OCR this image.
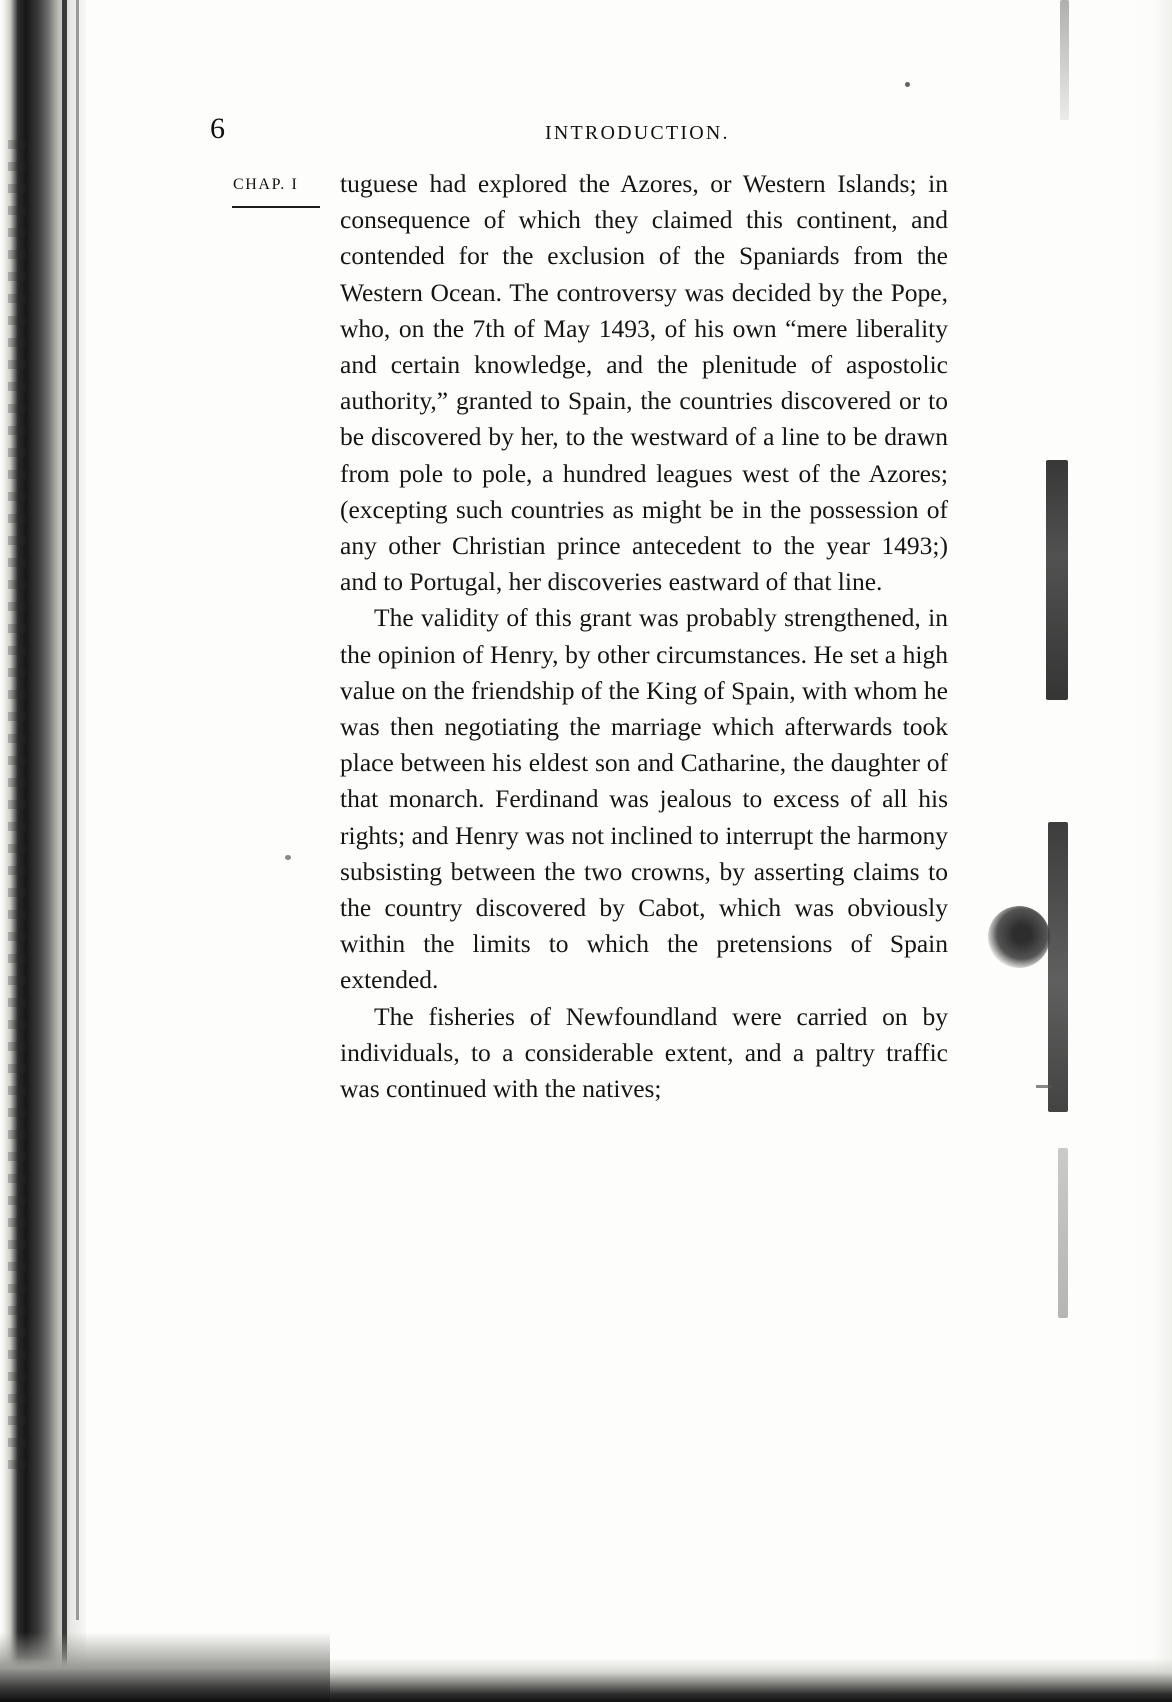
6	INTRODUCTION.
CHAP. I	tuguese had explored the Azores, or Western Islands; in consequence of which they claimed this continent, and contended for the exclusion of the Spaniards from the Western Ocean. The controversy was decided by the Pope, who, on the 7th of May 1493, of his own “mere liberality and certain knowledge, and the plenitude of aspostolic authority,” granted to Spain, the countries discovered or to be discovered by her, to the westward of a line to be drawn from pole to pole, a hundred leagues west of the Azores; (excepting such countries as might be in the possession of any other Christian prince antecedent to the year 1493;) and to Portugal, her discoveries eastward of that line.

The validity of this grant was probably strengthened, in the opinion of Henry, by other circumstances. He set a high value on the friendship of the King of Spain, with whom he was then negotiating the marriage which afterwards took place between his eldest son and Catharine, the daughter of that monarch. Ferdinand was jealous to excess of all his rights; and Henry was not inclined to interrupt the harmony subsisting between the two crowns, by asserting claims to the country discovered by Cabot, which was obviously within the limits to which the pretensions of Spain extended.

The fisheries of Newfoundland were carried on by individuals, to a considerable extent, and a paltry traffic was continued with the natives;
